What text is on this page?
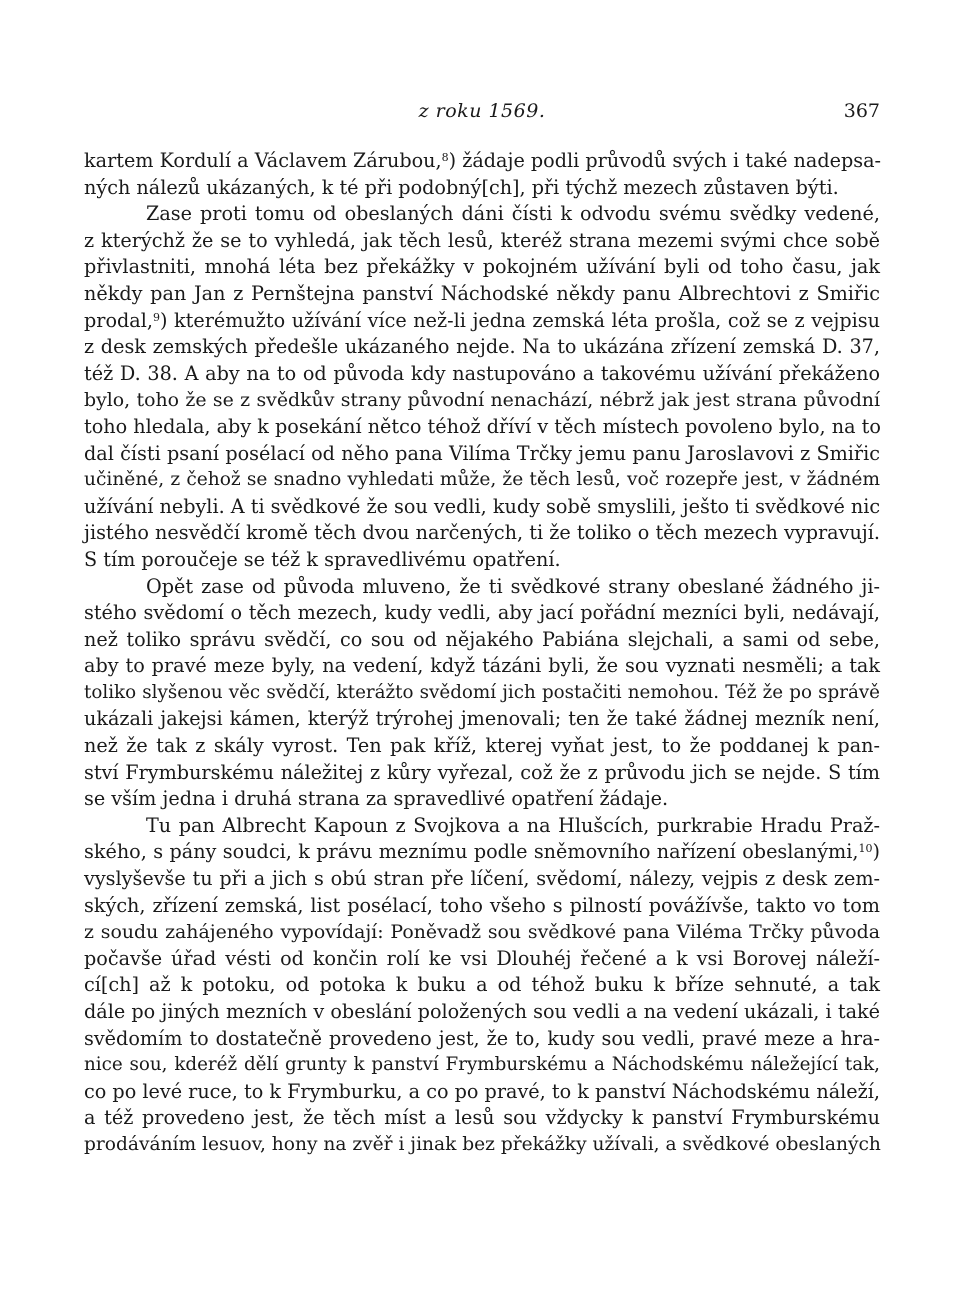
z roku 1569.	367
kartem Kordulí a Václavem Zárubou,$^8$) žádaje podli průvodů svých i také nadepsa-
ných nálezů ukázaných, k té při podobný[ch], při týchž mezech zůstaven býti.
Zase proti tomu od obeslaných dáni čísti k odvodu svému svědky vedené,
z kterýchž že se to vyhledá, jak těch lesů, kteréž strana mezemi svými chce sobě
přivlastniti, mnohá léta bez překážky v pokojném užívání byli od toho času, jak
někdy pan Jan z Pernštejna panství Náchodské někdy panu Albrechtovi z Smiřic
prodal,$^9$) kterémužto užívání více než-li jedna zemská léta prošla, což se z vejpisu
z desk zemských předešle ukázaného nejde. Na to ukázána zřízení zemská D. 37,
též D. 38. A aby na to od původa kdy nastupováno a takovému užívání překáženo
bylo, toho že se z svědkův strany původní nenachází, nébrž jak jest strana původní
toho hledala, aby k posekání nětco téhož dříví v těch místech povoleno bylo, na to
dal čísti psaní posélací od něho pana Vilíma Trčky jemu panu Jaroslavovi z Smiřic
učiněné, z čehož se snadno vyhledati může, že těch lesů, voč rozepře jest, v žádném
užívání nebyli. A ti svědkové že sou vedli, kudy sobě smyslili, ješto ti svědkové nic
jistého nesvědčí kromě těch dvou narčených, ti že toliko o těch mezech vypravují.
S tím poroučeje se též k spravedlivému opatření.
Opět zase od původa mluveno, že ti svědkové strany obeslané žádného ji-
stého svědomí o těch mezech, kudy vedli, aby jací pořádní mezníci byli, nedávají,
než toliko správu svědčí, co sou od nějakého Pabiána slejchali, a sami od sebe,
aby to pravé meze byly, na vedení, když tázáni byli, že sou vyznati nesměli; a tak
toliko slyšenou věc svědčí, kterážto svědomí jich postačiti nemohou. Též že po správě
ukázali jakejsi kámen, kterýž trýrohej jmenovali; ten že také žádnej mezník není,
než že tak z skály vyrost. Ten pak kříž, kterej vyňat jest, to že poddanej k pan-
ství Frymburskému náležitej z kůry vyřezal, což že z průvodu jich se nejde. S tím
se vším jedna i druhá strana za spravedlivé opatření žádaje.
Tu pan Albrecht Kapoun z Svojkova a na Hlušcích, purkrabie Hradu Praž-
ského, s pány soudci, k právu meznímu podle sněmovního nařízení obeslanými,$^{10}$)
vyslyševše tu při a jich s obú stran pře líčení, svědomí, nálezy, vejpis z desk zem-
ských, zřízení zemská, list posélací, toho všeho s pilností povážívše, takto vo tom
z soudu zahájeného vypovídají: Poněvadž sou svědkové pana Viléma Trčky původa
počavše úřad vésti od končin rolí ke vsi Dlouhéj řečené a k vsi Borovej náleží-
cí[ch] až k potoku, od potoka k buku a od téhož buku k bříze sehnuté, a tak
dále po jiných mezních v obeslání položených sou vedli a na vedení ukázali, i také
svědomím to dostatečně provedeno jest, že to, kudy sou vedli, pravé meze a hra-
nice sou, kderéž dělí grunty k panství Frymburskému a Náchodskému náležející tak,
co po levé ruce, to k Frymburku, a co po pravé, to k panství Náchodskému náleží,
a též provedeno jest, že těch míst a lesů sou vždycky k panství Frymburskému
prodáváním lesuov, hony na zvěř i jinak bez překážky užívali, a svědkové obeslaných
